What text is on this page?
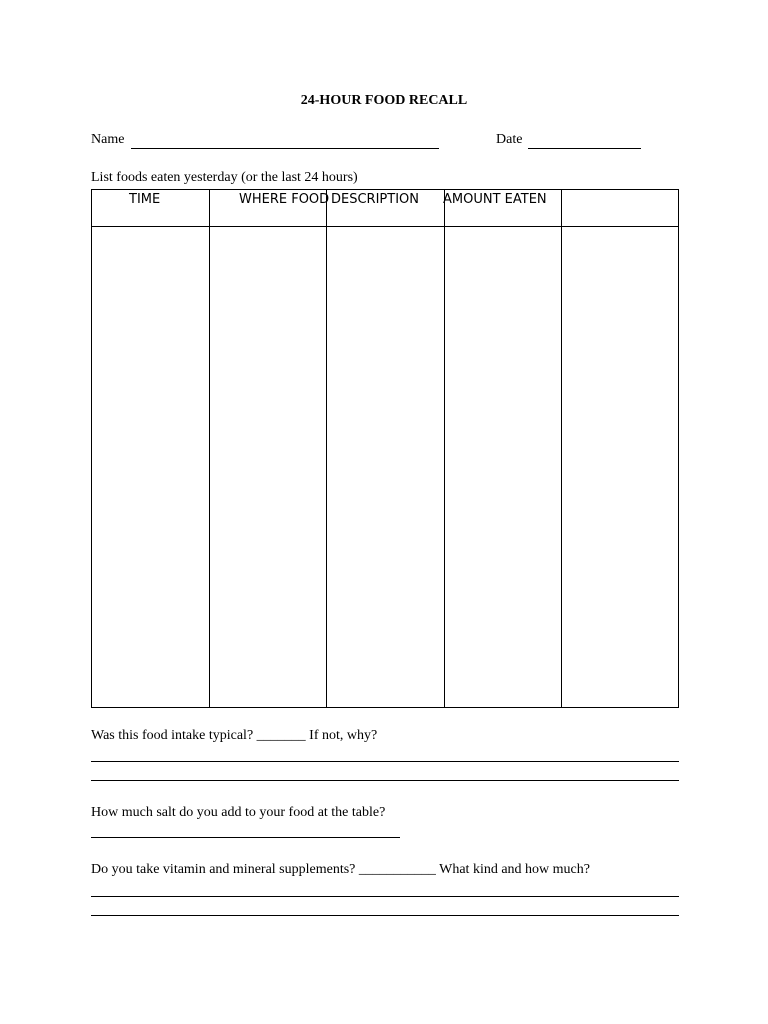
24-HOUR FOOD RECALL
Name	Date
List foods eaten yesterday (or the last 24 hours)
TIME	WHERE FOOD DESCRIPTION AMOUNT EATEN
Was this food intake typical? _______ If not, why?
How much salt do you add to your food at the table?
Do you take vitamin and mineral supplements? ___________ What kind and how much?
